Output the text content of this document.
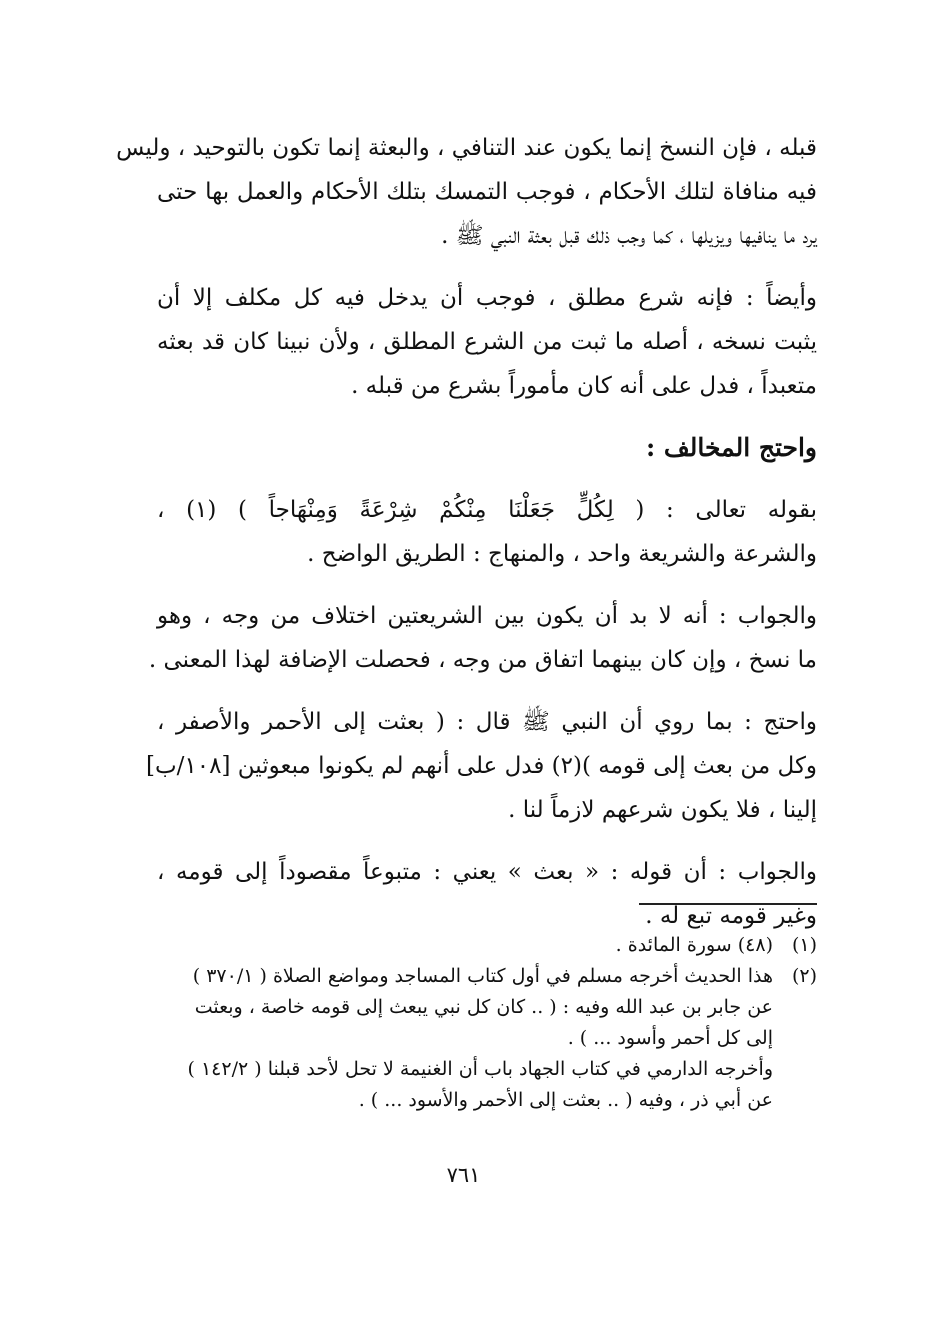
قبله ، فإن النسخ إنما يكون عند التنافي ، والبعثة إنما تكون بالتوحيد ، وليس
فيه منافاة لتلك الأحكام ، فوجب التمسك بتلك الأحكام والعمل بها حتى
يرد ما ينافيها ويزيلها ، كما وجب ذلك قبل بعثة النبي ﷺ .
وأيضاً : فإنه شرع مطلق ، فوجب أن يدخل فيه كل مكلف إلا أن
يثبت نسخه ، أصله ما ثبت من الشرع المطلق ، ولأن نبينا كان قد بعثه
متعبداً ، فدل على أنه كان مأموراً بشرع من قبله .
واحتج المخالف :
بقوله تعالى : ( لِكُلٍّ جَعَلْنَا مِنْكُمْ شِرْعَةً وَمِنْهَاجاً ) (١) ،
والشرعة والشريعة واحد ، والمنهاج : الطريق الواضح .
والجواب : أنه لا بد أن يكون بين الشريعتين اختلاف من وجه ، وهو
ما نسخ ، وإن كان بينهما اتفاق من وجه ، فحصلت الإضافة لهذا المعنى .
واحتج : بما روي أن النبي ﷺ قال : ( بعثت إلى الأحمر والأصفر ،
وكل من بعث إلى قومه )(٢) فدل على أنهم لم يكونوا مبعوثين [١٠٨/ب]
إلينا ، فلا يكون شرعهم لازماً لنا .
والجواب : أن قوله : « بعث » يعني : متبوعاً مقصوداً إلى قومه ،
وغير قومه تبع له .
(١)
(٤٨) سورة المائدة .
(٢)
هذا الحديث أخرجه مسلم في أول كتاب المساجد ومواضع الصلاة ( ٣٧٠/١ )
عن جابر بن عبد الله وفيه : ( .. كان كل نبي يبعث إلى قومه خاصة ، وبعثت
إلى كل أحمر وأسود ... ) .
وأخرجه الدارمي في كتاب الجهاد باب أن الغنيمة لا تحل لأحد قبلنا ( ١٤٢/٢ )
عن أبي ذر ، وفيه ( .. بعثت إلى الأحمر والأسود ... ) .
٧٦١
